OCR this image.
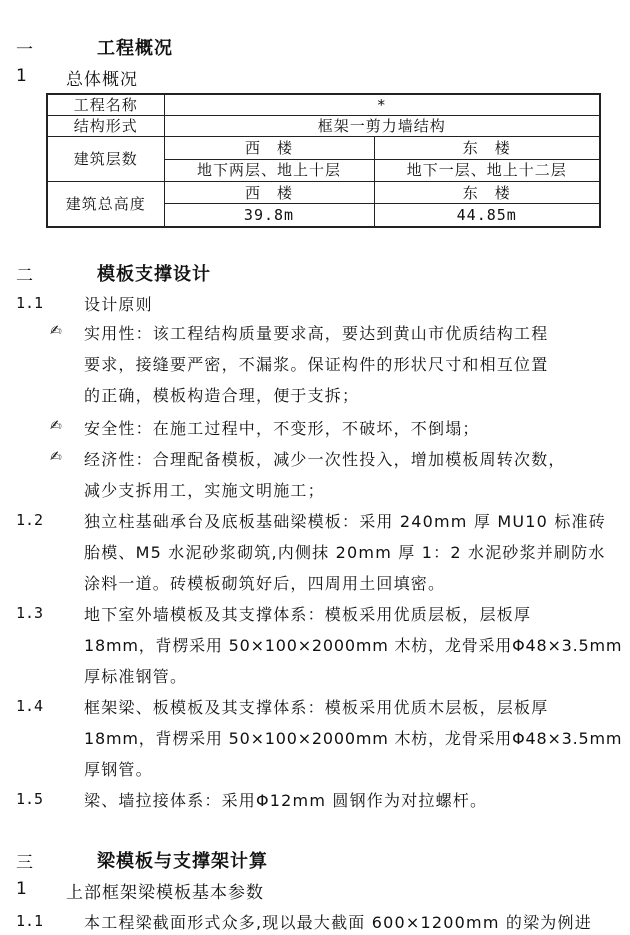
一	工程概况
1 总体概况
工程名称	*	
结构形式	框架一剪力墙结构	
建筑层数	西　楼	东　楼
	地下两层、地上十层	地下一层、地上十二层
建筑总高度	西　楼	东　楼
	39.8m	44.85m
二	模板支撑设计
1.1	设计原则
✍ 实用性：该工程结构质量要求高，要达到黄山市优质结构工程
要求，接缝要严密，不漏浆。保证构件的形状尺寸和相互位置
的正确，模板构造合理，便于支拆；
✍ 安全性：在施工过程中，不变形，不破坏，不倒塌；
✍ 经济性：合理配备模板，减少一次性投入，增加模板周转次数，
减少支拆用工，实施文明施工；
1.2	独立柱基础承台及底板基础梁模板：采用 240mm 厚 MU10 标准砖
胎模、M5 水泥砂浆砌筑,内侧抹 20mm 厚 1：2 水泥砂浆并刷防水
涂料一道。砖模板砌筑好后，四周用土回填密。
1.3	地下室外墙模板及其支撑体系：模板采用优质层板，层板厚
18mm，背楞采用 50×100×2000mm 木枋，龙骨采用Φ48×3.5mm
厚标准钢管。
1.4	框架梁、板模板及其支撑体系：模板采用优质木层板，层板厚
18mm，背楞采用 50×100×2000mm 木枋，龙骨采用Φ48×3.5mm
厚钢管。
1.5	梁、墙拉接体系：采用Φ12mm 圆钢作为对拉螺杆。
三	梁模板与支撑架计算
1 上部框架梁模板基本参数
1.1	本工程梁截面形式众多,现以最大截面 600×1200mm 的梁为例进
